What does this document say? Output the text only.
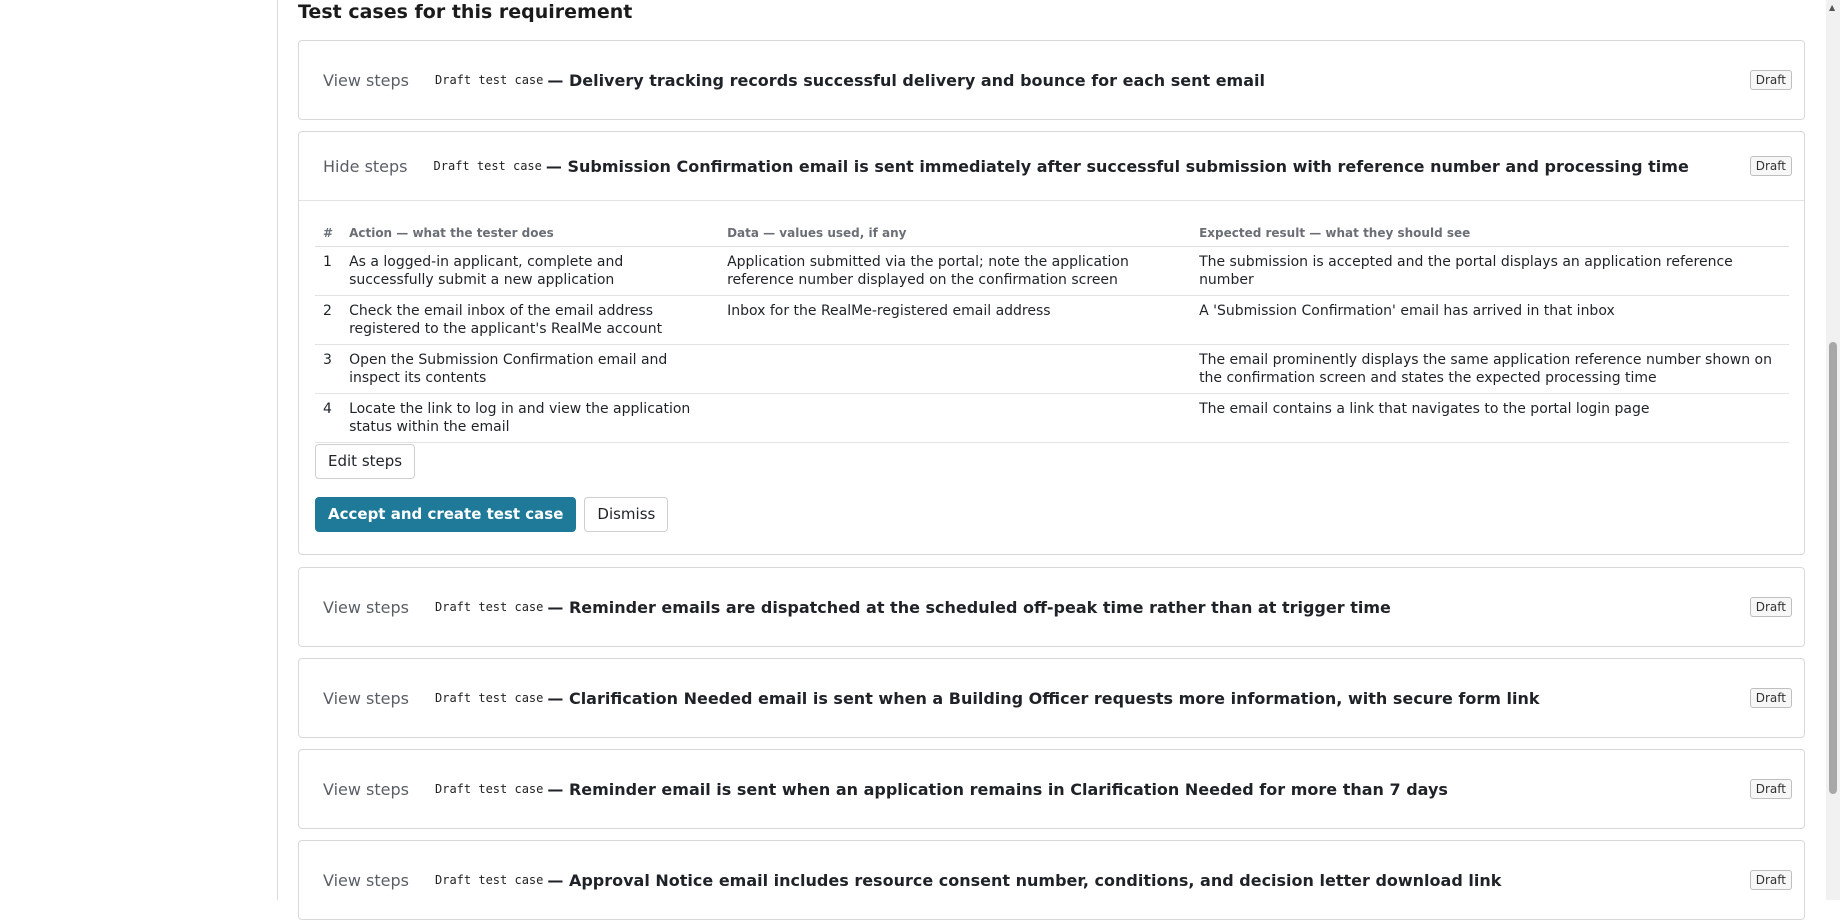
Test cases for this requirement
View steps Draft test case — Delivery tracking records successful delivery and bounce for each sent email	Draft
Hide steps Draft test case — Submission Confirmation email is sent immediately after successful submission with reference number and processing time	Draft
#	Action — what the tester does	Data — values used, if any	Expected result — what they should see
1	As a logged-in applicant, complete and successfully submit a new application	Application submitted via the portal; note the application reference number displayed on the confirmation screen	The submission is accepted and the portal displays an application reference number
2	Check the email inbox of the email address registered to the applicant's RealMe account	Inbox for the RealMe-registered email address	A 'Submission Confirmation' email has arrived in that inbox
3	Open the Submission Confirmation email and inspect its contents		The email prominently displays the same application reference number shown on the confirmation screen and states the expected processing time
4	Locate the link to log in and view the application status within the email		The email contains a link that navigates to the portal login page
Edit steps
Accept and create test case	Dismiss
View steps Draft test case — Reminder emails are dispatched at the scheduled off-peak time rather than at trigger time	Draft
View steps Draft test case — Clarification Needed email is sent when a Building Officer requests more information, with secure form link	Draft
View steps Draft test case — Reminder email is sent when an application remains in Clarification Needed for more than 7 days	Draft
View steps Draft test case — Approval Notice email includes resource consent number, conditions, and decision letter download link	Draft
▲
